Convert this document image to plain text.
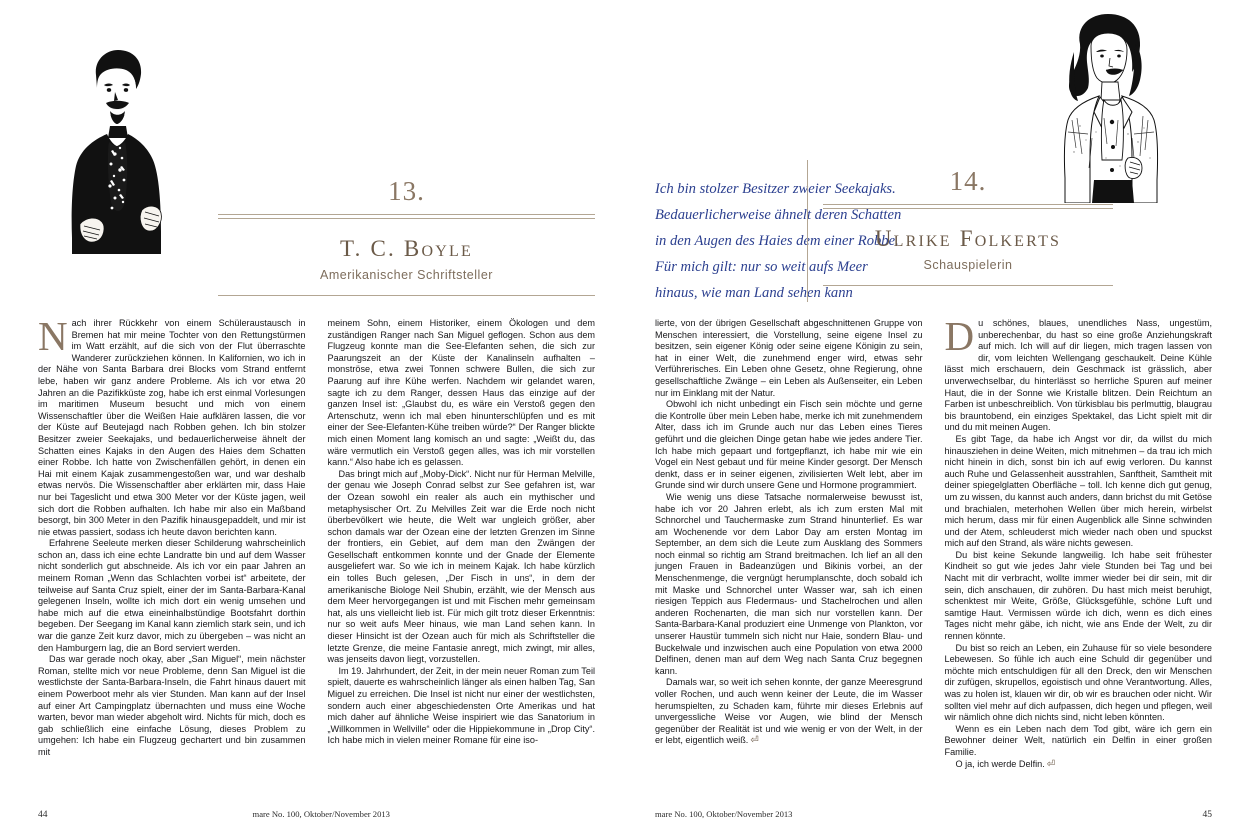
13.
T. C. Boyle
Amerikanischer Schriftsteller

Nach ihrer Rückkehr von einem Schüleraustausch in Bremen hat mir meine Tochter von den Rettungstürmen im Watt erzählt, auf die sich von der Flut überraschte Wanderer zurückziehen können. In Kalifornien, wo ich in der Nähe von Santa Barbara drei Blocks vom Strand entfernt lebe, haben wir ganz andere Probleme. Als ich vor etwa 20 Jahren an die Pazifikküste zog, habe ich erst einmal Vorlesungen im maritimen Museum besucht und mich von einem Wissenschaftler über die Weißen Haie aufklären lassen, die vor der Küste auf Beutejagd nach Robben gehen. Ich bin stolzer Besitzer zweier Seekajaks, und bedauerlicherweise ähnelt der Schatten eines Kajaks in den Augen des Haies dem Schatten einer Robbe. Ich hatte von Zwischenfällen gehört, in denen ein Hai mit einem Kajak zusammengestoßen war, und war deshalb etwas nervös. Die Wissenschaftler aber erklärten mir, dass Haie nur bei Tageslicht und etwa 300 Meter vor der Küste jagen, weil sich dort die Robben aufhalten. Ich habe mir also ein Maßband besorgt, bin 300 Meter in den Pazifik hinausgepaddelt, und mir ist nie etwas passiert, sodass ich heute davon berichten kann.

Erfahrene Seeleute merken dieser Schilderung wahrscheinlich schon an, dass ich eine echte Landratte bin und auf dem Wasser nicht sonderlich gut abschneide. Als ich vor ein paar Jahren an meinem Roman „Wenn das Schlachten vorbei ist“ arbeitete, der teilweise auf Santa Cruz spielt, einer der im Santa-Barbara-Kanal gelegenen Inseln, wollte ich mich dort ein wenig umsehen und habe mich auf die etwa eineinhalbstündige Bootsfahrt dorthin begeben. Der Seegang im Kanal kann ziemlich stark sein, und ich war die ganze Zeit kurz davor, mich zu übergeben – was nicht an den Hamburgern lag, die an Bord serviert werden.

Das war gerade noch okay, aber „San Miguel“, mein nächster Roman, stellte mich vor neue Probleme, denn San Miguel ist die westlichste der Santa-Barbara-Inseln, die Fahrt hinaus dauert mit einem Powerboot mehr als vier Stunden. Man kann auf der Insel auf einer Art Campingplatz übernachten und muss eine Woche warten, bevor man wieder abgeholt wird. Nichts für mich, doch es gab schließlich eine einfache Lösung, dieses Problem zu umgehen: Ich habe ein Flugzeug gechartert und bin zusammen mit

meinem Sohn, einem Historiker, einem Ökologen und dem zuständigen Ranger nach San Miguel geflogen. Schon aus dem Flugzeug konnte man die See-Elefanten sehen, die sich zur Paarungszeit an der Küste der Kanalinseln aufhalten – monströse, etwa zwei Tonnen schwere Bullen, die sich zur Paarung auf ihre Kühe werfen. Nachdem wir gelandet waren, sagte ich zu dem Ranger, dessen Haus das einzige auf der ganzen Insel ist: „Glaubst du, es wäre ein Verstoß gegen den Artenschutz, wenn ich mal eben hinunterschlüpfen und es mit einer der See-Elefanten-Kühe treiben würde?“ Der Ranger blickte mich einen Moment lang komisch an und sagte: „Weißt du, das wäre vermutlich ein Verstoß gegen alles, was ich mir vorstellen kann.“ Also habe ich es gelassen.

Das bringt mich auf „Moby-Dick“. Nicht nur für Herman Melville, der genau wie Joseph Conrad selbst zur See gefahren ist, war der Ozean sowohl ein realer als auch ein mythischer und metaphysischer Ort. Zu Melvilles Zeit war die Erde noch nicht überbevölkert wie heute, die Welt war ungleich größer, aber schon damals war der Ozean eine der letzten Grenzen im Sinne der frontiers, ein Gebiet, auf dem man den Zwängen der Gesellschaft entkommen konnte und der Gnade der Elemente ausgeliefert war. So wie ich in meinem Kajak. Ich habe kürzlich ein tolles Buch gelesen, „Der Fisch in uns“, in dem der amerikanische Biologe Neil Shubin, erzählt, wie der Mensch aus dem Meer hervorgegangen ist und mit Fischen mehr gemeinsam hat, als uns vielleicht lieb ist. Für mich gilt trotz dieser Erkenntnis: nur so weit aufs Meer hinaus, wie man Land sehen kann. In dieser Hinsicht ist der Ozean auch für mich als Schriftsteller die letzte Grenze, die meine Fantasie anregt, mich zwingt, mir alles, was jenseits davon liegt, vorzustellen.

Im 19. Jahrhundert, der Zeit, in der mein neuer Roman zum Teil spielt, dauerte es wahrscheinlich länger als einen halben Tag, San Miguel zu erreichen. Die Insel ist nicht nur einer der westlichsten, sondern auch einer abgeschiedensten Orte Amerikas und hat mich daher auf ähnliche Weise inspiriert wie das Sanatorium in „Willkommen in Wellville“ oder die Hippiekommune in „Drop City“. Ich habe mich in vielen meiner Romane für eine iso-

44	mare No. 100, Oktober/November 2013
Ich bin stolzer Besitzer zweier Seekajaks.
Bedauerlicherweise ähnelt deren Schatten
in den Augen des Haies dem einer Robbe.
Für mich gilt: nur so weit aufs Meer
hinaus, wie man Land sehen kann
14.
Ulrike Folkerts
Schauspielerin

lierte, von der übrigen Gesellschaft abgeschnittenen Gruppe von Menschen interessiert, die Vorstellung, seine eigene Insel zu besitzen, sein eigener König oder seine eigene Königin zu sein, hat in einer Welt, die zunehmend enger wird, etwas sehr Verführerisches. Ein Leben ohne Gesetz, ohne Regierung, ohne gesellschaftliche Zwänge – ein Leben als Außenseiter, ein Leben nur im Einklang mit der Natur.

Obwohl ich nicht unbedingt ein Fisch sein möchte und gerne die Kontrolle über mein Leben habe, merke ich mit zunehmendem Alter, dass ich im Grunde auch nur das Leben eines Tieres geführt und die gleichen Dinge getan habe wie jedes andere Tier. Ich habe mich gepaart und fortgepflanzt, ich habe mir wie ein Vogel ein Nest gebaut und für meine Kinder gesorgt. Der Mensch denkt, dass er in seiner eigenen, zivilisierten Welt lebt, aber im Grunde sind wir durch unsere Gene und Hormone programmiert.

Wie wenig uns diese Tatsache normalerweise bewusst ist, habe ich vor 20 Jahren erlebt, als ich zum ersten Mal mit Schnorchel und Tauchermaske zum Strand hinunterlief. Es war am Wochenende vor dem Labor Day am ersten Montag im September, an dem sich die Leute zum Ausklang des Sommers noch einmal so richtig am Strand breitmachen. Ich lief an all den jungen Frauen in Badeanzügen und Bikinis vorbei, an der Menschenmenge, die vergnügt herumplanschte, doch sobald ich mit Maske und Schnorchel unter Wasser war, sah ich einen riesigen Teppich aus Fledermaus- und Stachelrochen und allen anderen Rochenarten, die man sich nur vorstellen kann. Der Santa-Barbara-Kanal produziert eine Unmenge von Plankton, vor unserer Haustür tummeln sich nicht nur Haie, sondern Blau- und Buckelwale und inzwischen auch eine Population von etwa 2000 Delfinen, denen man auf dem Weg nach Santa Cruz begegnen kann.

Damals war, so weit ich sehen konnte, der ganze Meeresgrund voller Rochen, und auch wenn keiner der Leute, die im Wasser herumspielten, zu Schaden kam, führte mir dieses Erlebnis auf unvergessliche Weise vor Augen, wie blind der Mensch gegenüber der Realität ist und wie wenig er von der Welt, in der er lebt, eigentlich weiß. ⏎

Du schönes, blaues, unendliches Nass, ungestüm, unberechenbar, du hast so eine große Anziehungskraft auf mich. Ich will auf dir liegen, mich tragen lassen von dir, vom leichten Wellengang geschaukelt. Deine Kühle lässt mich erschauern, dein Geschmack ist grässlich, aber unverwechselbar, du hinterlässt so herrliche Spuren auf meiner Haut, die in der Sonne wie Kristalle blitzen. Dein Reichtum an Farben ist unbeschreiblich. Von türkisblau bis perlmuttig, blaugrau bis brauntobend, ein einziges Spektakel, das Licht spielt mit dir und du mit meinen Augen.

Es gibt Tage, da habe ich Angst vor dir, da willst du mich hinausziehen in deine Weiten, mich mitnehmen – da trau ich mich nicht hinein in dich, sonst bin ich auf ewig verloren. Du kannst auch Ruhe und Gelassenheit ausstrahlen, Sanftheit, Samtheit mit deiner spiegelglatten Oberfläche – toll. Ich kenne dich gut genug, um zu wissen, du kannst auch anders, dann brichst du mit Getöse und brachialen, meterhohen Wellen über mich herein, wirbelst mich herum, dass mir für einen Augenblick alle Sinne schwinden und der Atem, schleuderst mich wieder nach oben und spuckst mich auf den Strand, als wäre nichts gewesen.

Du bist keine Sekunde langweilig. Ich habe seit frühester Kindheit so gut wie jedes Jahr viele Stunden bei Tag und bei Nacht mit dir verbracht, wollte immer wieder bei dir sein, mit dir sein, dich anschauen, dir zuhören. Du hast mich meist beruhigt, schenktest mir Weite, Größe, Glücksgefühle, schöne Luft und samtige Haut. Vermissen würde ich dich, wenn es dich eines Tages nicht mehr gäbe, ich nicht, wie ans Ende der Welt, zu dir rennen könnte.

Du bist so reich an Leben, ein Zuhause für so viele besondere Lebewesen. So fühle ich auch eine Schuld dir gegenüber und möchte mich entschuldigen für all den Dreck, den wir Menschen dir zufügen, skrupellos, egoistisch und ohne Verantwortung. Alles, was zu holen ist, klauen wir dir, ob wir es brauchen oder nicht. Wir sollten viel mehr auf dich aufpassen, dich hegen und pflegen, weil wir nämlich ohne dich nichts sind, nicht leben könnten.

Wenn es ein Leben nach dem Tod gibt, wäre ich gern ein Bewohner deiner Welt, natürlich ein Delfin in einer großen Familie.

O ja, ich werde Delfin. ⏎

mare No. 100, Oktober/November 2013	45
